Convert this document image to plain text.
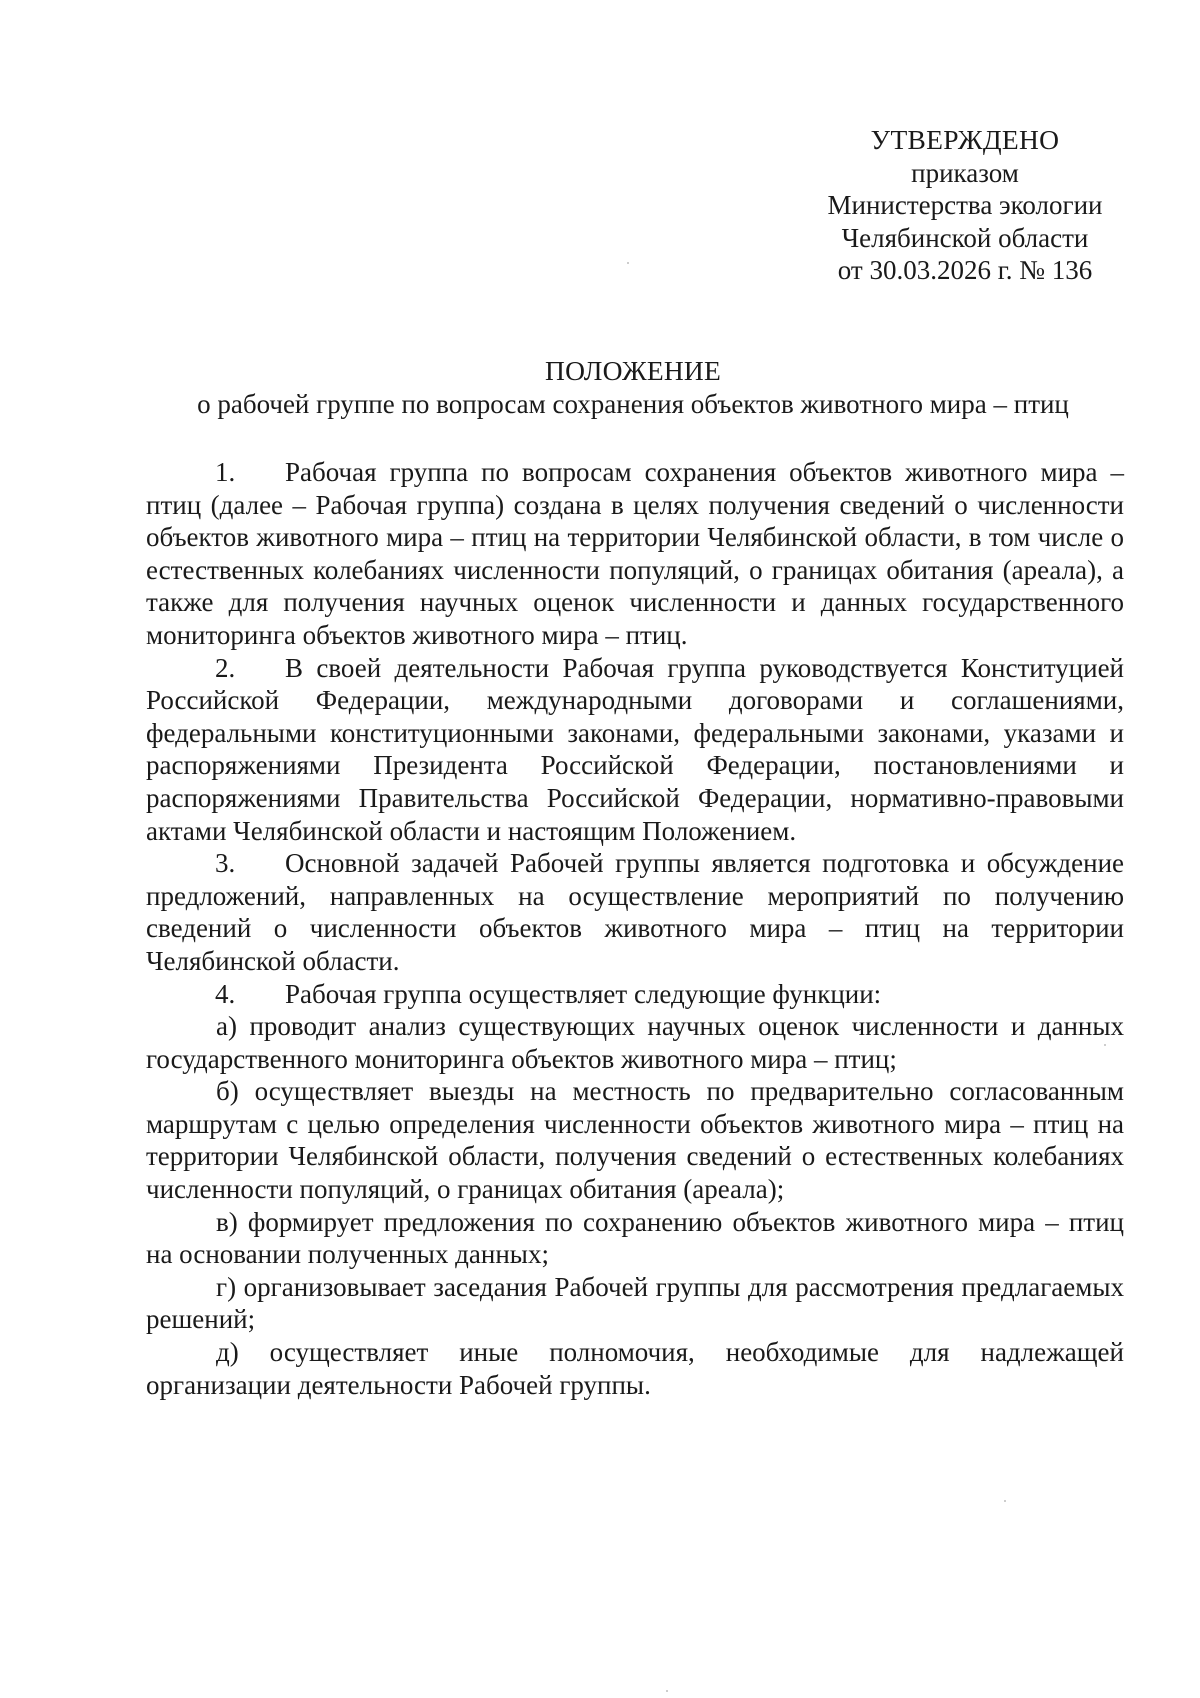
УТВЕРЖДЕНО
приказом
Министерства экологии
Челябинской области
от 30.03.2026 г. № 136
ПОЛОЖЕНИЕ
о рабочей группе по вопросам сохранения объектов животного мира – птиц

1. Рабочая группа по вопросам сохранения объектов животного мира – птиц (далее – Рабочая группа) создана в целях получения сведений о численности объектов животного мира – птиц на территории Челябинской области, в том числе о естественных колебаниях численности популяций, о границах обитания (ареала), а также для получения научных оценок численности и данных государственного мониторинга объектов животного мира – птиц.

2. В своей деятельности Рабочая группа руководствуется Конституцией Российской Федерации, международными договорами и соглашениями, федеральными конституционными законами, федеральными законами, указами и распоряжениями Президента Российской Федерации, постановлениями и распоряжениями Правительства Российской Федерации, нормативно-правовыми актами Челябинской области и настоящим Положением.

3. Основной задачей Рабочей группы является подготовка и обсуждение предложений, направленных на осуществление мероприятий по получению сведений о численности объектов животного мира – птиц на территории Челябинской области.

4. Рабочая группа осуществляет следующие функции:

а) проводит анализ существующих научных оценок численности и данных государственного мониторинга объектов животного мира – птиц;

б) осуществляет выезды на местность по предварительно согласованным маршрутам с целью определения численности объектов животного мира – птиц на территории Челябинской области, получения сведений о естественных колебаниях численности популяций, о границах обитания (ареала);

в) формирует предложения по сохранению объектов животного мира – птиц на основании полученных данных;

г) организовывает заседания Рабочей группы для рассмотрения предлагаемых решений;

д) осуществляет иные полномочия, необходимые для надлежащей организации деятельности Рабочей группы.
